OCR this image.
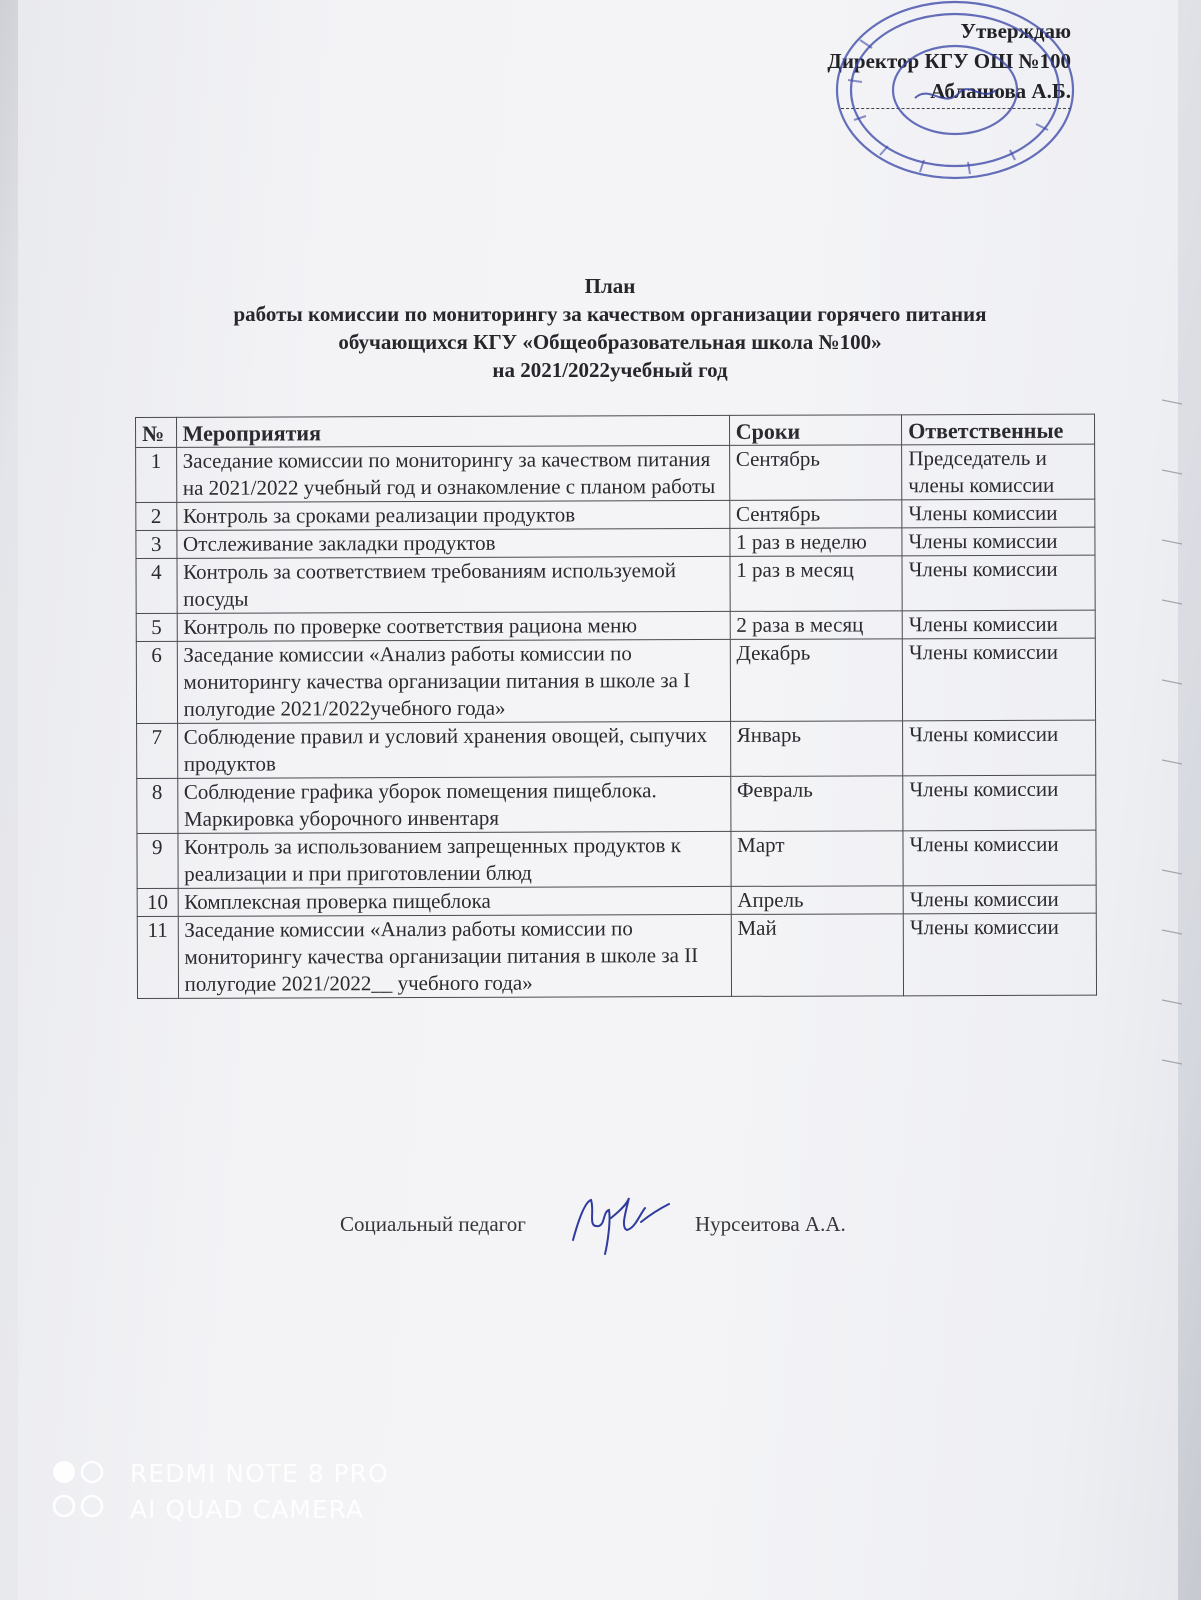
Утверждаю
Директор КГУ ОШ №100
Аблашова А.Б.
План
работы комиссии по мониторингу за качеством организации горячего питания
обучающихся КГУ «Общеобразовательная школа №100»
на 2021/2022учебный год
№	Мероприятия	Сроки	Ответственные
1	Заседание комиссии по мониторингу за качеством питания на 2021/2022 учебный год и ознакомление с планом работы	Сентябрь	Председатель и члены комиссии
2	Контроль за сроками реализации продуктов	Сентябрь	Члены комиссии
3	Отслеживание закладки продуктов	1 раз в неделю	Члены комиссии
4	Контроль за соответствием требованиям используемой посуды	1 раз в месяц	Члены комиссии
5	Контроль по проверке соответствия рациона меню	2 раза в месяц	Члены комиссии
6	Заседание комиссии «Анализ работы комиссии по мониторингу качества организации питания в школе за I полугодие 2021/2022учебного года»	Декабрь	Члены комиссии
7	Соблюдение правил и условий хранения овощей, сыпучих продуктов	Январь	Члены комиссии
8	Соблюдение графика уборок помещения пищеблока. Маркировка уборочного инвентаря	Февраль	Члены комиссии
9	Контроль за использованием запрещенных продуктов к реализации и при приготовлении блюд	Март	Члены комиссии
10	Комплексная проверка пищеблока	Апрель	Члены комиссии
11	Заседание комиссии «Анализ работы комиссии по мониторингу качества организации питания в школе за II полугодие 2021/2022__ учебного года»	Май	Члены комиссии
Социальный педагог	Нурсеитова А.А.
REDMI NOTE 8 PRO
AI QUAD CAMERA
